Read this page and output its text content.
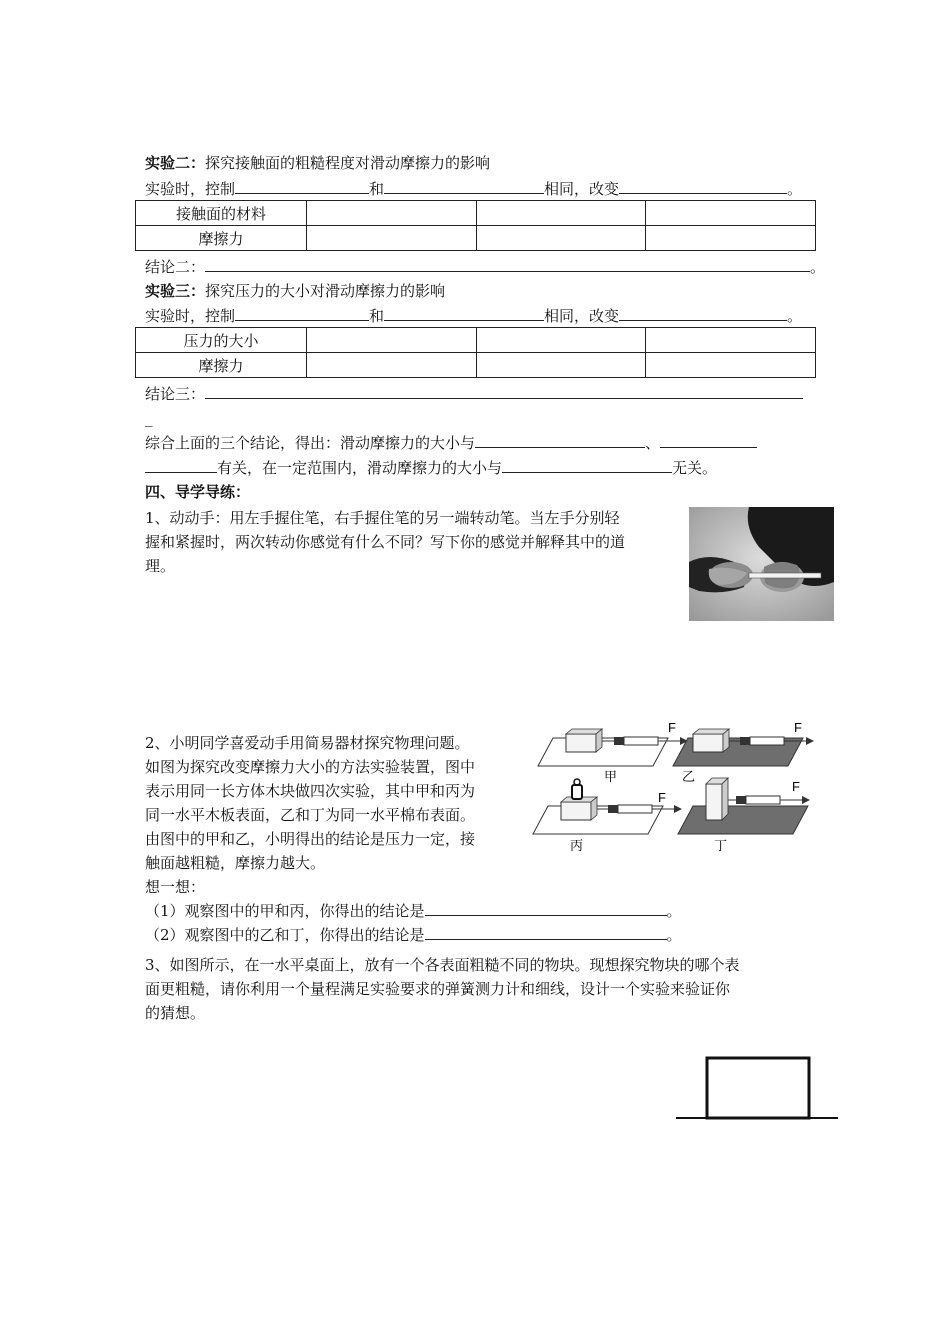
实验二：探究接触面的粗糙程度对滑动摩擦力的影响
实验时，控制	和	相同，改变	。
接触面的材料			
摩擦力			
结论二：	。
实验三：探究压力的大小对滑动摩擦力的影响
实验时，控制	和	相同，改变	。
压力的大小			
摩擦力			
结论三：
_
综合上面的三个结论，得出：滑动摩擦力的大小与	、
有关，在一定范围内，滑动摩擦力的大小与	无关。
四、导学导练：
1、动动手：用左手握住笔，右手握住笔的另一端转动笔。当左手分别轻
握和紧握时，两次转动你感觉有什么不同？写下你的感觉并解释其中的道
理。
2、小明同学喜爱动手用简易器材探究物理问题。
如图为探究改变摩擦力大小的方法实验装置，图中
表示用同一长方体木块做四次实验，其中甲和丙为
同一水平木板表面，乙和丁为同一水平棉布表面。
由图中的甲和乙，小明得出的结论是压力一定，接
触面越粗糙，摩擦力越大。
想一想：
（1）观察图中的甲和丙，你得出的结论是	。
（2）观察图中的乙和丁，你得出的结论是	。
F
甲
F
乙
F
丙
F
丁
3、如图所示，在一水平桌面上，放有一个各表面粗糙不同的物块。现想探究物块的哪个表
面更粗糙，请你利用一个量程满足实验要求的弹簧测力计和细线，设计一个实验来验证你
的猜想。
